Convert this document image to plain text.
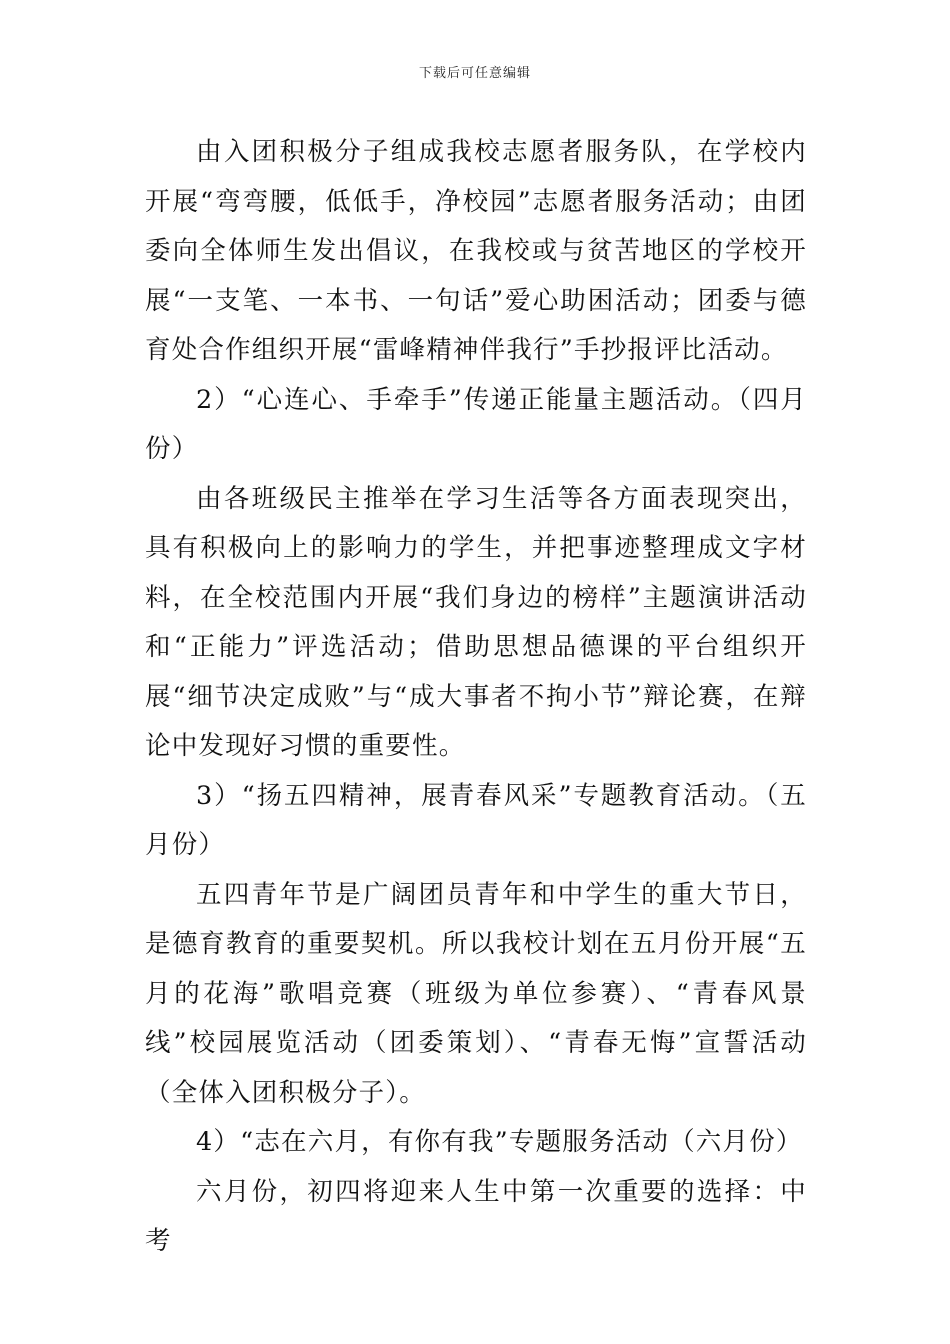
下载后可任意编辑

由入团积极分子组成我校志愿者服务队，在学校内开展“弯弯腰，低低手，净校园”志愿者服务活动；由团委向全体师生发出倡议，在我校或与贫苦地区的学校开展“一支笔、一本书、一句话”爱心助困活动；团委与德育处合作组织开展“雷峰精神伴我行”手抄报评比活动。

2）“心连心、手牵手”传递正能量主题活动。（四月份）

由各班级民主推举在学习生活等各方面表现突出，具有积极向上的影响力的学生，并把事迹整理成文字材料，在全校范围内开展“我们身边的榜样”主题演讲活动和“正能力”评选活动；借助思想品德课的平台组织开展“细节决定成败”与“成大事者不拘小节”辩论赛，在辩论中发现好习惯的重要性。

3）“扬五四精神，展青春风采”专题教育活动。（五月份）

五四青年节是广阔团员青年和中学生的重大节日，是德育教育的重要契机。所以我校计划在五月份开展“五月的花海”歌唱竞赛（班级为单位参赛）、“青春风景线”校园展览活动（团委策划）、“青春无悔”宣誓活动（全体入团积极分子）。

4）“志在六月，有你有我”专题服务活动（六月份）

六月份，初四将迎来人生中第一次重要的选择：中考
